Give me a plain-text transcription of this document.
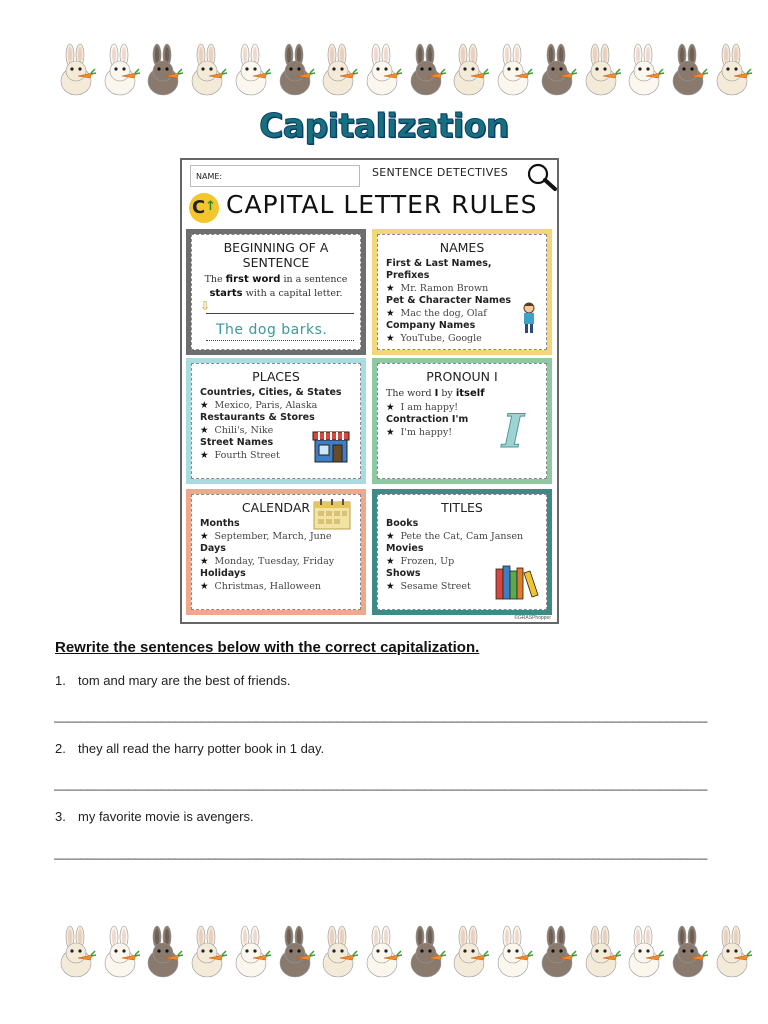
Capitalization
NAME:	SENTENCE DETECTIVES
C↑ CAPITAL LETTER RULES
BEGINNING OF A SENTENCE
The first word in a sentence starts with a capital letter.
⇩
The dog barks.
NAMES
First & Last Names, Prefixes
★ Mr. Ramon Brown
Pet & Character Names
★ Mac the dog, Olaf
Company Names
★ YouTube, Google
PLACES
Countries, Cities, & States
★ Mexico, Paris, Alaska
Restaurants & Stores
★ Chili's, Nike
Street Names
★ Fourth Street
PRONOUN I
The word I by itself
★ I am happy!
Contraction I'm
★ I'm happy! I
CALENDAR
Months
★ September, March, June
Days
★ Monday, Tuesday, Friday
Holidays
★ Christmas, Halloween
TITLES
Books
★ Pete the Cat, Cam Jansen
Movies
★ Frozen, Up
Shows
★ Sesame Street
©GRASPhopper
Rewrite the sentences below with the correct capitalization.
1. tom and mary are the best of friends.
_________________________________________________________________________________________________
2. they all read the harry potter book in 1 day.
_________________________________________________________________________________________________
3. my favorite movie is avengers.
_________________________________________________________________________________________________
